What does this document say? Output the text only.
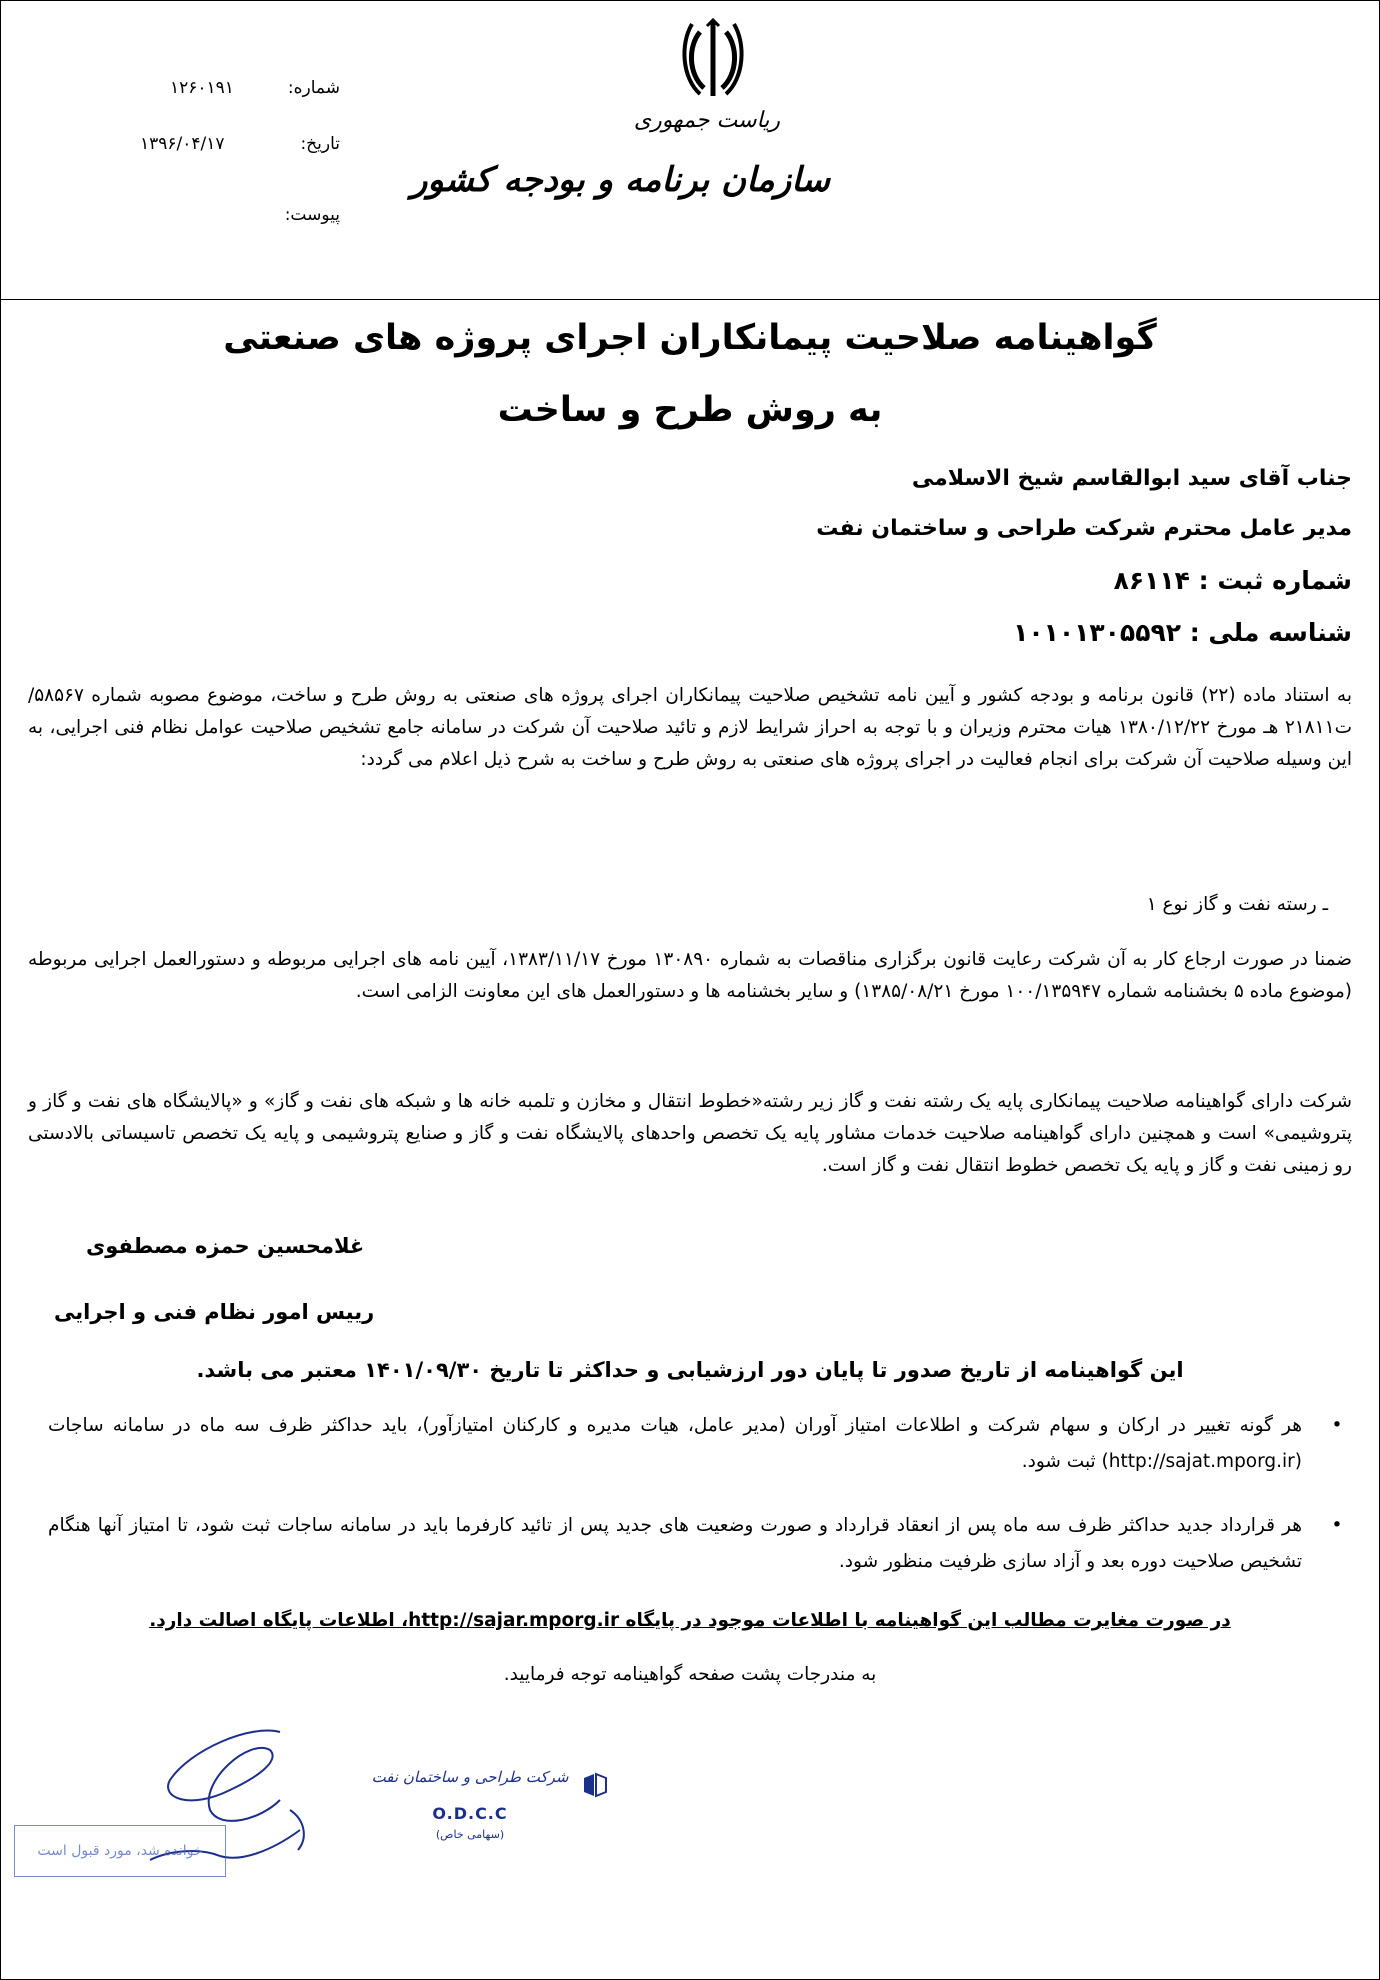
شماره:
۱۲۶۰۱۹۱
تاریخ:
۱۳۹۶/۰۴/۱۷
پیوست:
ریاست جمهوری
سازمان برنامه و بودجه کشور
گواهینامه صلاحیت پیمانکاران اجرای پروژه های صنعتی
به روش طرح و ساخت
جناب آقای سید ابوالقاسم شیخ الاسلامی
مدیر عامل محترم شرکت طراحی و ساختمان نفت
شماره ثبت : ۸۶۱۱۴
شناسه ملی : ۱۰۱۰۱۳۰۵۵۹۲
به استناد ماده (۲۲) قانون برنامه و بودجه کشور و آیین نامه تشخیص صلاحیت پیمانکاران اجرای پروژه های صنعتی به روش طرح و ساخت، موضوع مصوبه شماره ۵۸۵۶۷/ت۲۱۸۱۱ هـ مورخ ۱۳۸۰/۱۲/۲۲ هیات محترم وزیران و با توجه به احراز شرایط لازم و تائید صلاحیت آن شرکت در سامانه جامع تشخیص صلاحیت عوامل نظام فنی اجرایی، به این وسیله صلاحیت آن شرکت برای انجام فعالیت در اجرای پروژه های صنعتی به روش طرح و ساخت به شرح ذیل اعلام می گردد:
ـ رسته نفت و گاز نوع ۱
ضمنا در صورت ارجاع کار به آن شرکت رعایت قانون برگزاری مناقصات به شماره ۱۳۰۸۹۰ مورخ ۱۳۸۳/۱۱/۱۷، آیین نامه های اجرایی مربوطه و دستورالعمل اجرایی مربوطه (موضوع ماده ۵ بخشنامه شماره ۱۰۰/۱۳۵۹۴۷ مورخ ۱۳۸۵/۰۸/۲۱) و سایر بخشنامه ها و دستورالعمل های این معاونت الزامی است.
شرکت دارای گواهینامه صلاحیت پیمانکاری پایه یک رشته نفت و گاز زیر رشته«خطوط انتقال و مخازن و تلمبه خانه ها و شبکه های نفت و گاز» و «پالایشگاه های نفت و گاز و پتروشیمی» است و همچنین دارای گواهینامه صلاحیت خدمات مشاور پایه یک تخصص واحدهای پالایشگاه نفت و گاز و صنایع پتروشیمی و پایه یک تخصص تاسیساتی بالادستی رو زمینی نفت و گاز و پایه یک تخصص خطوط انتقال نفت و گاز است.
غلامحسین حمزه مصطفوی
رییس امور نظام فنی و اجرایی
این گواهینامه از تاریخ صدور تا پایان دور ارزشیابی و حداکثر تا تاریخ ۱۴۰۱/۰۹/۳۰ معتبر می باشد.
•
هر گونه تغییر در ارکان و سهام شرکت و اطلاعات امتیاز آوران (مدیر عامل، هیات مدیره و کارکنان امتیازآور)، باید حداکثر ظرف سه ماه در سامانه ساجات (http://sajat.mporg.ir) ثبت شود.
•
هر قرارداد جدید حداکثر ظرف سه ماه پس از انعقاد قرارداد و صورت وضعیت های جدید پس از تائید کارفرما باید در سامانه ساجات ثبت شود، تا امتیاز آنها هنگام تشخیص صلاحیت دوره بعد و آزاد سازی ظرفیت منظور شود.
در صورت مغایرت مطالب این گواهینامه با اطلاعات موجود در پایگاه http://sajar.mporg.ir، اطلاعات پایگاه اصالت دارد.
به مندرجات پشت صفحه گواهینامه توجه فرمایید.
شرکت طراحی و ساختمان نفت
O.D.C.C
(سهامی خاص)
خوانده شد، مورد قبول است
